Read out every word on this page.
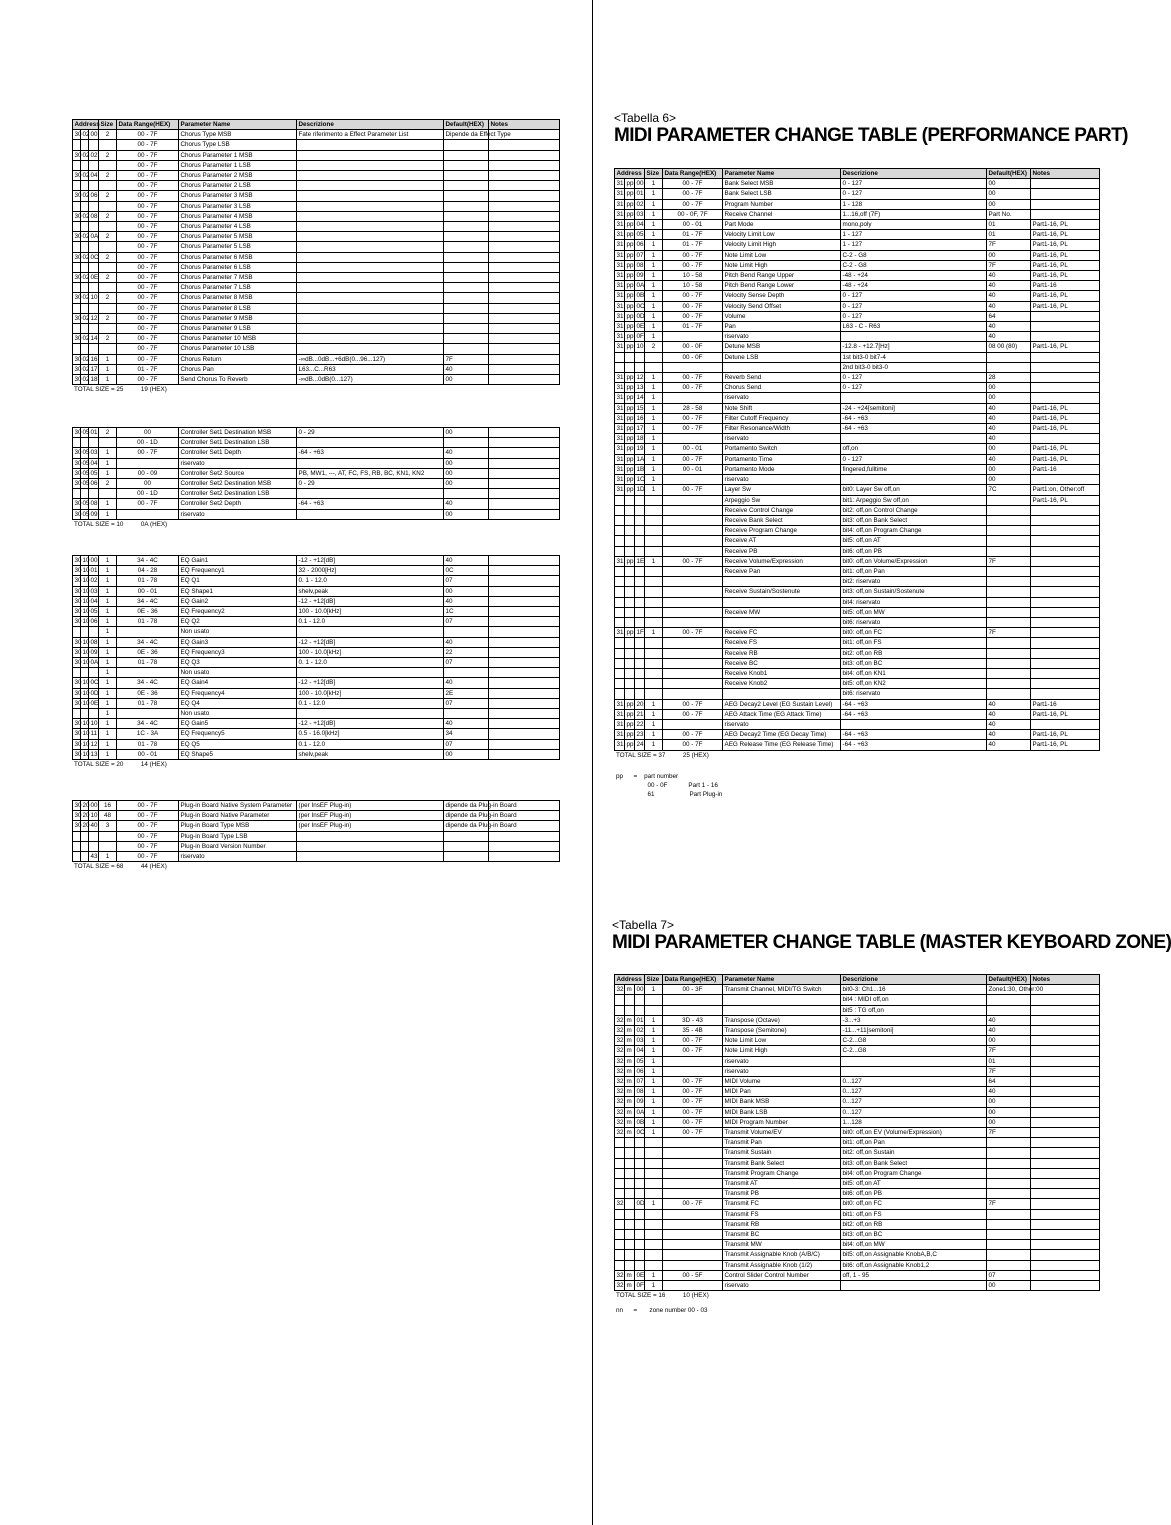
Address			Size	Data Range(HEX)	Parameter Name	Descrizione	Default(HEX)	Notes
30	02	00	2	00 - 7F	Chorus Type MSB	Fate riferimento a Effect Parameter List	Dipende da Effect Type	
				00 - 7F	Chorus Type LSB			
30	02	02	2	00 - 7F	Chorus Parameter 1 MSB			
				00 - 7F	Chorus Parameter 1 LSB			
30	02	04	2	00 - 7F	Chorus Parameter 2 MSB			
				00 - 7F	Chorus Parameter 2 LSB			
30	02	06	2	00 - 7F	Chorus Parameter 3 MSB			
				00 - 7F	Chorus Parameter 3 LSB			
30	02	08	2	00 - 7F	Chorus Parameter 4 MSB			
				00 - 7F	Chorus Parameter 4 LSB			
30	02	0A	2	00 - 7F	Chorus Parameter 5 MSB			
				00 - 7F	Chorus Parameter 5 LSB			
30	02	0C	2	00 - 7F	Chorus Parameter 6 MSB			
				00 - 7F	Chorus Parameter 6 LSB			
30	02	0E	2	00 - 7F	Chorus Parameter 7 MSB			
				00 - 7F	Chorus Parameter 7 LSB			
30	02	10	2	00 - 7F	Chorus Parameter 8 MSB			
				00 - 7F	Chorus Parameter 8 LSB			
30	02	12	2	00 - 7F	Chorus Parameter 9 MSB			
				00 - 7F	Chorus Parameter 9 LSB			
30	02	14	2	00 - 7F	Chorus Parameter 10 MSB			
				00 - 7F	Chorus Parameter 10 LSB			
30	02	16	1	00 - 7F	Chorus Return	-∞dB...0dB...+6dB(0...96...127)	7F	
30	02	17	1	01 - 7F	Chorus Pan	L63...C...R63	40	
30	02	18	1	00 - 7F	Send Chorus To Reverb	-∞dB...0dB(0...127)	00	
TOTAL SIZE = 25	19 (HEX)
30	05	01	2	00	Controller Set1 Destination MSB	0 - 29	00	
				00 - 1D	Controller Set1 Destination LSB			
30	05	03	1	00 - 7F	Controller Set1 Depth	-64 - +63	40	
30	05	04	1		riservato		00	
30	05	05	1	00 - 09	Controller Set2 Source	PB, MW1, ---, AT, FC, FS, RB, BC, KN1, KN2	00	
30	05	06	2	00	Controller Set2 Destination MSB	0 - 29	00	
				00 - 1D	Controller Set2 Destination LSB			
30	05	08	1	00 - 7F	Controller Set2 Depth	-64 - +63	40	
30	05	09	1		riservato		00	
TOTAL SIZE = 10	0A (HEX)
30	10	00	1	34 - 4C	EQ Gain1	-12 - +12[dB]	40	
30	10	01	1	04 - 28	EQ Frequency1	32 - 2000[Hz]	0C	
30	10	02	1	01 - 78	EQ Q1	0. 1 - 12.0	07	
30	10	03	1	00 - 01	EQ Shape1	shelv,peak	00	
30	10	04	1	34 - 4C	EQ Gain2	-12 - +12[dB]	40	
30	10	05	1	0E - 36	EQ Frequency2	100 - 10.0[kHz]	1C	
30	10	06	1	01 - 78	EQ Q2	0.1 - 12.0	07	
			1		Non usato			
30	10	08	1	34 - 4C	EQ Gain3	-12 - +12[dB]	40	
30	10	09	1	0E - 36	EQ Frequency3	100 - 10.0[kHz]	22	
30	10	0A	1	01 - 78	EQ Q3	0. 1 - 12.0	07	
			1		Non usato			
30	10	0C	1	34 - 4C	EQ Gain4	-12 - +12[dB]	40	
30	10	0D	1	0E - 36	EQ Frequency4	100 - 10.0[kHz]	2E	
30	10	0E	1	01 - 78	EQ Q4	0.1 - 12.0	07	
			1		Non usato			
30	10	10	1	34 - 4C	EQ Gain5	-12 - +12[dB]	40	
30	10	11	1	1C - 3A	EQ Frequency5	0.5 - 16.0[kHz]	34	
30	10	12	1	01 - 78	EQ Q5	0.1 - 12.0	07	
30	10	13	1	00 - 01	EQ Shape5	shelv,peak	00	
TOTAL SIZE = 20	14 (HEX)
30	20	00	16	00 - 7F	Plug-in Board Native System Parameter	(per InsEF Plug-in)	dipende da Plug-in Board	
30	20	10	48	00 - 7F	Plug-in Board Native Parameter	(per InsEF Plug-in)	dipende da Plug-in Board	
30	20	40	3	00 - 7F	Plug-in Board Type MSB	(per InsEF Plug-in)	dipende da Plug-in Board	
				00 - 7F	Plug-in Board Type LSB			
				00 - 7F	Plug-in Board Version Number			
		43	1	00 - 7F	riservato			
TOTAL SIZE = 68	44 (HEX)
<Tabella 6>
MIDI PARAMETER CHANGE TABLE (PERFORMANCE PART)
Address			Size	Data Range(HEX)	Parameter Name	Descrizione	Default(HEX)	Notes
31	pp	00	1	00 - 7F	Bank Select MSB	0 - 127	00	
31	pp	01	1	00 - 7F	Bank Select LSB	0 - 127	00	
31	pp	02	1	00 - 7F	Program Number	1 - 128	00	
31	pp	03	1	00 - 0F, 7F	Receive Channel	1...16,off (7F)	Part No.	
31	pp	04	1	00 - 01	Part Mode	mono,poly	01	Part1-16, PL
31	pp	05	1	01 - 7F	Velocity Limit Low	1 - 127	01	Part1-16, PL
31	pp	06	1	01 - 7F	Velocity Limit High	1 - 127	7F	Part1-16, PL
31	pp	07	1	00 - 7F	Note Limit Low	C-2 - G8	00	Part1-16, PL
31	pp	08	1	00 - 7F	Note Limit High	C-2 - G8	7F	Part1-16, PL
31	pp	09	1	10 - 58	Pitch Bend Range Upper	-48 - +24	40	Part1-16, PL
31	pp	0A	1	10 - 58	Pitch Bend Range Lower	-48 - +24	40	Part1-16
31	pp	0B	1	00 - 7F	Velocity Sense Depth	0 - 127	40	Part1-16, PL
31	pp	0C	1	00 - 7F	Velocity Send Offset	0 - 127	40	Part1-16, PL
31	pp	0D	1	00 - 7F	Volume	0 - 127	64	
31	pp	0E	1	01 - 7F	Pan	L63 - C - R63	40	
31	pp	0F	1		riservato		40	
31	pp	10	2	00 - 0F	Detune MSB	-12.8 - +12.7[Hz]	08 00 (80)	Part1-16, PL
				00 - 0F	Detune LSB	1st bit3-0 bit7-4		
						2nd bit3-0 bit3-0		
31	pp	12	1	00 - 7F	Reverb Send	0 - 127	28	
31	pp	13	1	00 - 7F	Chorus Send	0 - 127	00	
31	pp	14	1		riservato		00	
31	pp	15	1	28 - 58	Note Shift	-24 - +24[semitoni]	40	Part1-16, PL
31	pp	16	1	00 - 7F	Filter Cutoff Frequency	-64 - +63	40	Part1-16, PL
31	pp	17	1	00 - 7F	Filter Resonance/Width	-64 - +63	40	Part1-16, PL
31	pp	18	1		riservato		40	
31	pp	19	1	00 - 01	Portamento Switch	off,on	00	Part1-16, PL
31	pp	1A	1	00 - 7F	Portamento Time	0 - 127	40	Part1-16, PL
31	pp	1B	1	00 - 01	Portamento Mode	fingered,fulltime	00	Part1-16
31	pp	1C	1		riservato		00	
31	pp	1D	1	00 - 7F	Layer Sw	bit0: Layer Sw off,on	7C	Part1:on, Other:off
					Arpeggio Sw	bit1: Arpeggio Sw off,on		Part1-16, PL
					Receive Control Change	bit2: off,on Control Change		
					Receive Bank Select	bit3: off,on Bank Select		
					Receive Program Change	bit4: off,on Program Change		
					Receive AT	bit5: off,on AT		
					Receive PB	bit6: off,on PB		
31	pp	1E	1	00 - 7F	Receive Volume/Expression	bit0: off,on Volume/Expression	7F	
					Receive Pan	bit1: off,on Pan		
						bit2: riservato		
					Receive Sustain/Sostenute	bit3: off,on Sustain/Sostenute		
						bit4: riservato		
					Receive MW	bit5: off,on MW		
						bit6: riservato		
31	pp	1F	1	00 - 7F	Receive FC	bit0: off,on FC	7F	
					Receive FS	bit1: off,on FS		
					Receive RB	bit2: off,on RB		
					Receive BC	bit3: off,on BC		
					Receive Knob1	bit4: off,on KN1		
					Receive Knob2	bit5: off,on KN2		
						bit6: riservato		
31	pp	20	1	00 - 7F	AEG Decay2 Level (EG Sustain Level)	-64 - +63	40	Part1-16
31	pp	21	1	00 - 7F	AEG Attack Time (EG Attack Time)	-64 - +63	40	Part1-16, PL
31	pp	22	1		riservato		40	
31	pp	23	1	00 - 7F	AEG Decay2 Time (EG Decay Time)	-64 - +63	40	Part1-16, PL
31	pp	24	1	00 - 7F	AEG Release Time (EG Release Time)	-64 - +63	40	Part1-16, PL
TOTAL SIZE = 37	25 (HEX)
pp      =    part number
00 - 0F            Part 1 - 16
61                    Part Plug-in
<Tabella 7>
MIDI PARAMETER CHANGE TABLE (MASTER KEYBOARD ZONE)
Address			Size	Data Range(HEX)	Parameter Name	Descrizione	Default(HEX)	Notes
32	m	00	1	00 - 3F	Transmit Channel, MIDI/TG Switch	bit0-3: Ch1...16	Zone1:30, Other:00	
						bit4 : MIDI off,on		
						bit5 : TG off,on		
32	m	01	1	3D - 43	Transpose (Octave)	-3...+3	40	
32	m	02	1	35 - 4B	Transpose (Semitone)	-11...+11[semitoni]	40	
32	m	03	1	00 - 7F	Note Limit Low	C-2...G8	00	
32	m	04	1	00 - 7F	Note Limit High	C-2...G8	7F	
32	m	05	1		riservato		01	
32	m	06	1		riservato		7F	
32	m	07	1	00 - 7F	MIDI Volume	0...127	64	
32	m	08	1	00 - 7F	MIDI Pan	0...127	40	
32	m	09	1	00 - 7F	MIDI Bank MSB	0...127	00	
32	m	0A	1	00 - 7F	MIDI Bank LSB	0...127	00	
32	m	0B	1	00 - 7F	MIDI Program Number	1...128	00	
32	m	0C	1	00 - 7F	Transmit Volume/EV	bit0: off,on EV (Volume/Expression)	7F	
					Transmit Pan	bit1: off,on Pan		
					Transmit Sustain	bit2: off,on Sustain		
					Transmit Bank Select	bit3: off,on Bank Select		
					Transmit Program Change	bit4: off,on Program Change		
					Transmit AT	bit5: off,on AT		
					Transmit PB	bit6: off,on PB		
32		0D	1	00 - 7F	Transmit FC	bit0: off,on FC	7F	
					Transmit FS	bit1: off,on FS		
					Transmit RB	bit2: off,on RB		
					Transmit BC	bit3: off,on BC		
					Transmit MW	bit4: off,on MW		
					Transmit Assignable Knob (A/B/C)	bit5: off,on Assignable KnobA,B,C		
					Transmit Assignable Knob (1/2)	bit6: off,on Assignable Knob1,2		
32	m	0E	1	00 - 5F	Control Slider Control Number	off, 1 - 95	07	
32	m	0F	1		riservato		00	
TOTAL SIZE = 16	10 (HEX)
nn      =       zone number 00 - 03
